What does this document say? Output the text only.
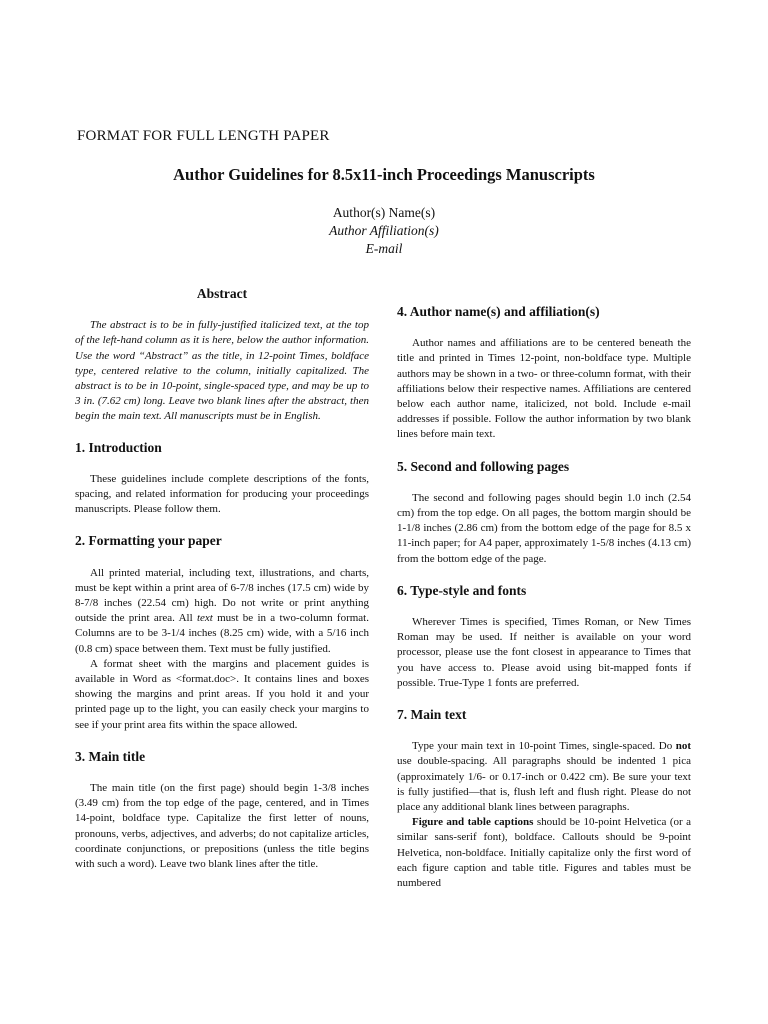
FORMAT FOR FULL LENGTH PAPER
Author Guidelines for 8.5x11-inch Proceedings Manuscripts
Author(s) Name(s)
Author Affiliation(s)
E-mail
Abstract

The abstract is to be in fully-justified italicized text, at the top of the left-hand column as it is here, below the author information. Use the word “Abstract” as the title, in 12-point Times, boldface type, centered relative to the column, initially capitalized. The abstract is to be in 10-point, single-spaced type, and may be up to 3 in. (7.62 cm) long. Leave two blank lines after the abstract, then begin the main text. All manuscripts must be in English.

1. Introduction

These guidelines include complete descriptions of the fonts, spacing, and related information for producing your proceedings manuscripts. Please follow them.

2. Formatting your paper

All printed material, including text, illustrations, and charts, must be kept within a print area of 6-7/8 inches (17.5 cm) wide by 8-7/8 inches (22.54 cm) high. Do not write or print anything outside the print area. All text must be in a two-column format. Columns are to be 3-1/4 inches (8.25 cm) wide, with a 5/16 inch (0.8 cm) space between them. Text must be fully justified.

A format sheet with the margins and placement guides is available in Word as <format.doc>. It contains lines and boxes showing the margins and print areas. If you hold it and your printed page up to the light, you can easily check your margins to see if your print area fits within the space allowed.

3. Main title

The main title (on the first page) should begin 1-3/8 inches (3.49 cm) from the top edge of the page, centered, and in Times 14-point, boldface type. Capitalize the first letter of nouns, pronouns, verbs, adjectives, and adverbs; do not capitalize articles, coordinate conjunctions, or prepositions (unless the title begins with such a word). Leave two blank lines after the title.

4. Author name(s) and affiliation(s)

Author names and affiliations are to be centered beneath the title and printed in Times 12-point, non-boldface type. Multiple authors may be shown in a two- or three-column format, with their affiliations below their respective names. Affiliations are centered below each author name, italicized, not bold. Include e-mail addresses if possible. Follow the author information by two blank lines before main text.

5. Second and following pages

The second and following pages should begin 1.0 inch (2.54 cm) from the top edge. On all pages, the bottom margin should be 1-1/8 inches (2.86 cm) from the bottom edge of the page for 8.5 x 11-inch paper; for A4 paper, approximately 1-5/8 inches (4.13 cm) from the bottom edge of the page.

6. Type-style and fonts

Wherever Times is specified, Times Roman, or New Times Roman may be used. If neither is available on your word processor, please use the font closest in appearance to Times that you have access to. Please avoid using bit-mapped fonts if possible. True-Type 1 fonts are preferred.

7. Main text

Type your main text in 10-point Times, single-spaced. Do not use double-spacing. All paragraphs should be indented 1 pica (approximately 1/6- or 0.17-inch or 0.422 cm). Be sure your text is fully justified—that is, flush left and flush right. Please do not place any additional blank lines between paragraphs.

Figure and table captions should be 10-point Helvetica (or a similar sans-serif font), boldface. Callouts should be 9-point Helvetica, non-boldface. Initially capitalize only the first word of each figure caption and table title. Figures and tables must be numbered
